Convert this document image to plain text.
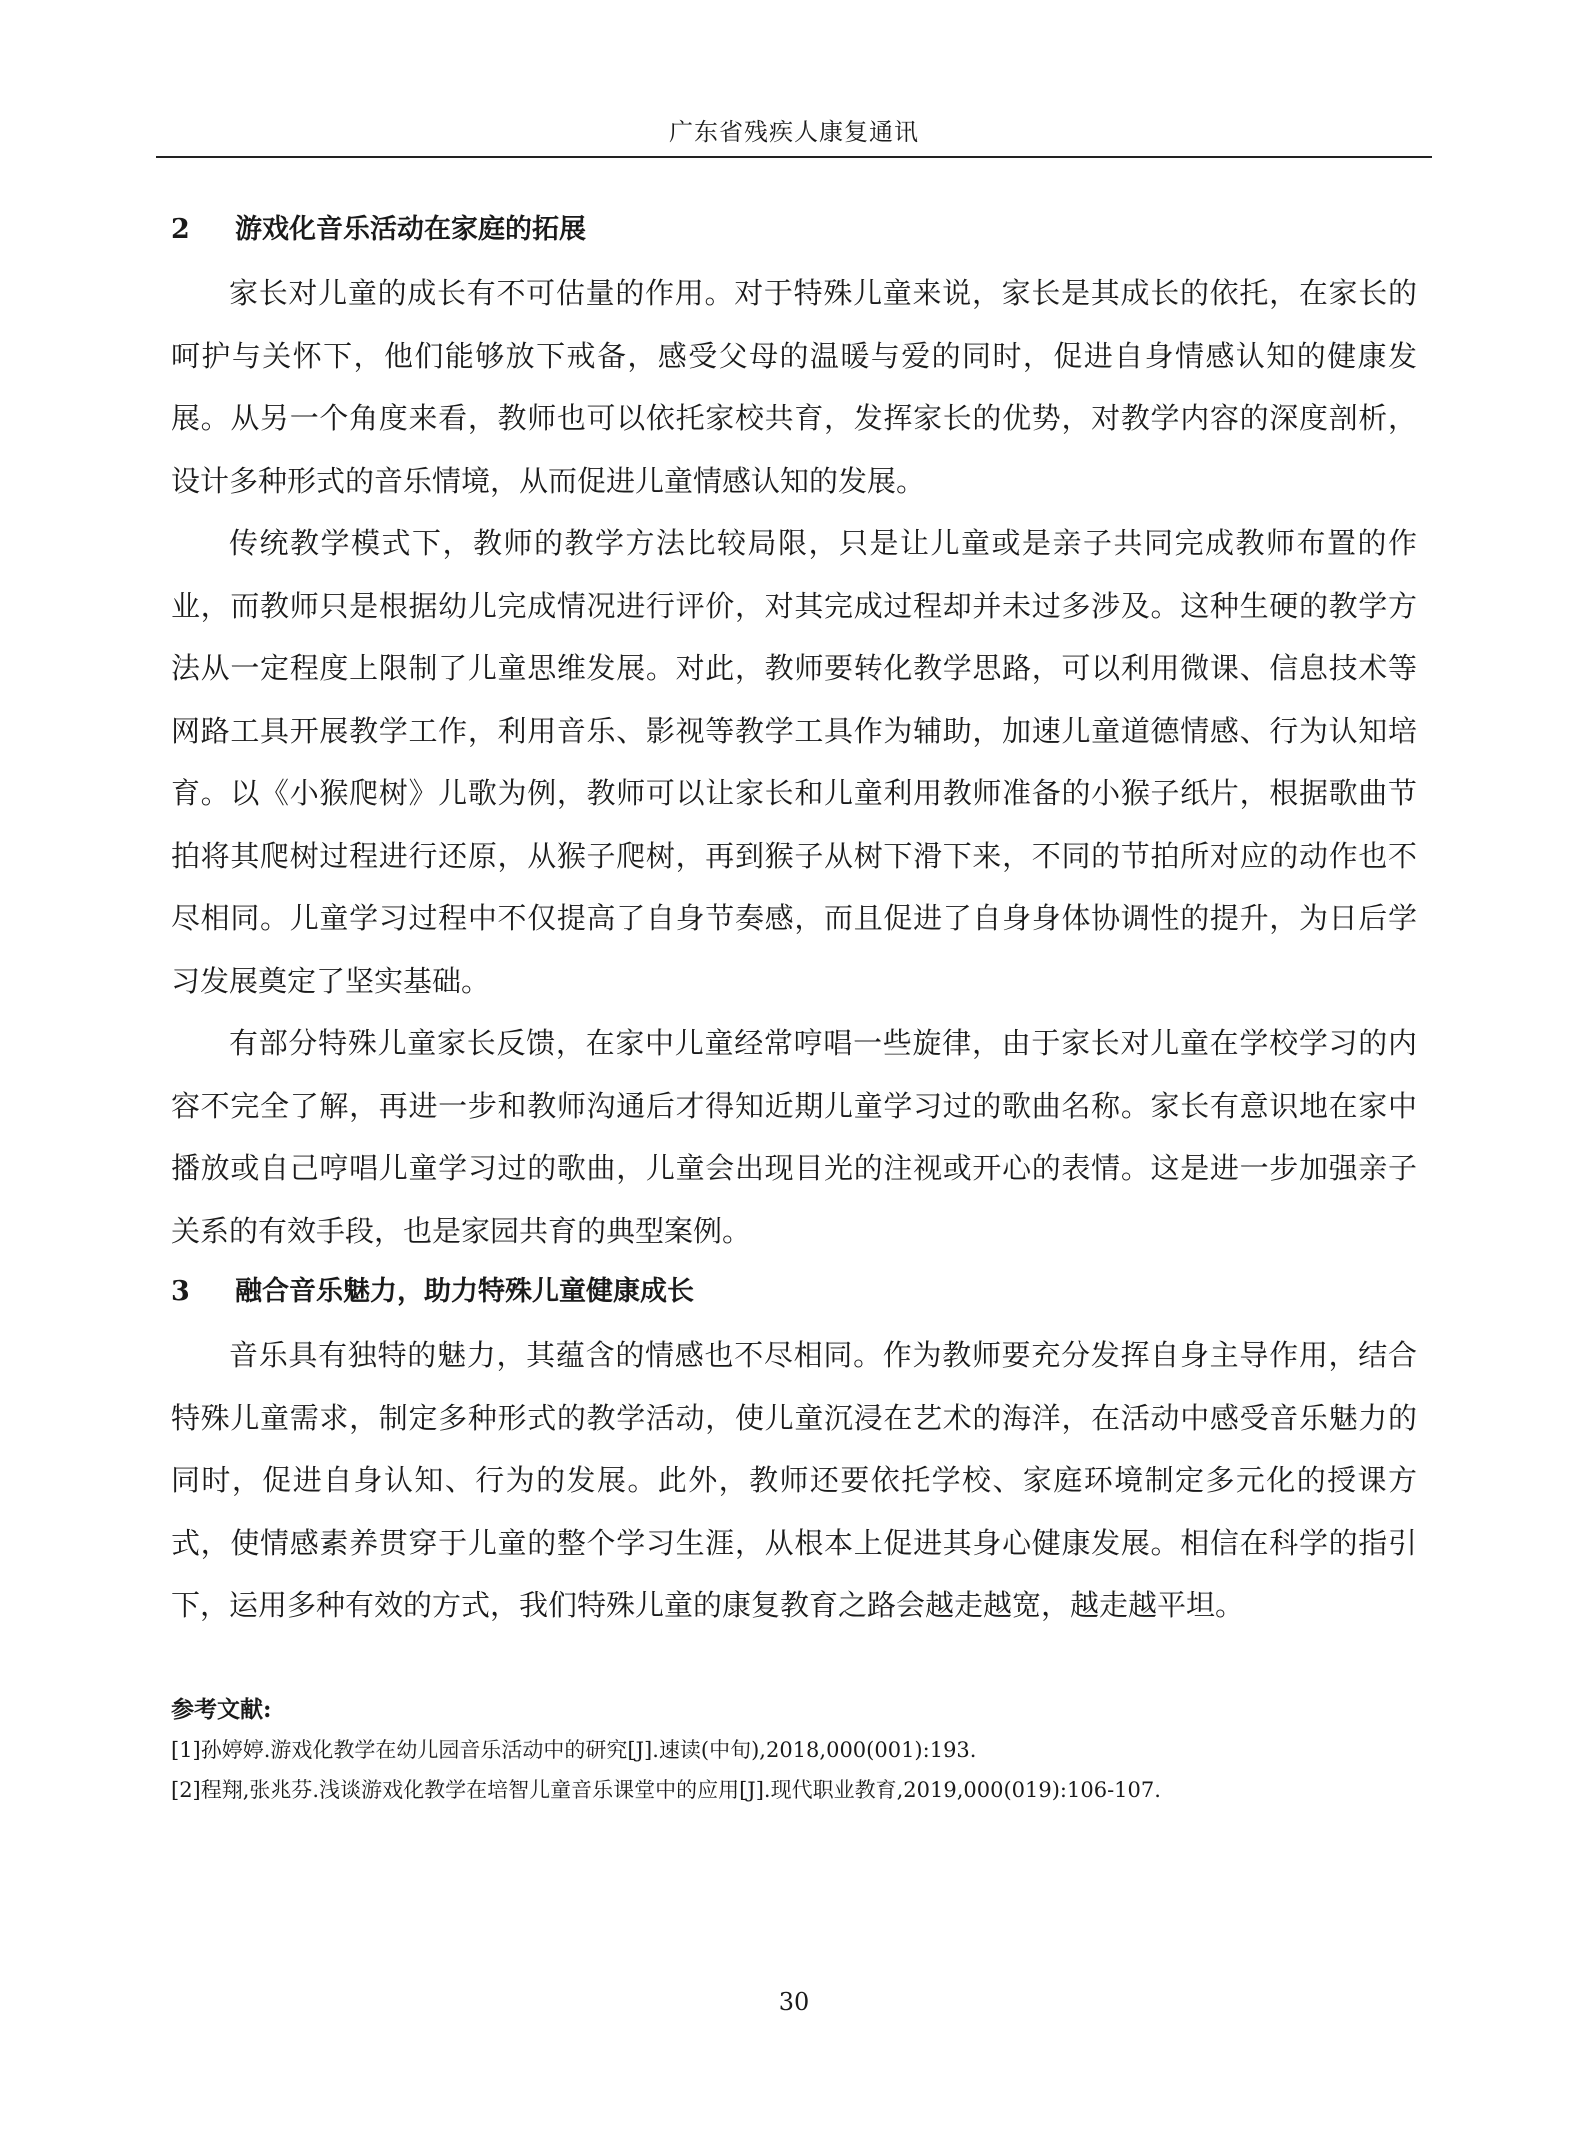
广东省残疾人康复通讯
2 游戏化音乐活动在家庭的拓展

家长对儿童的成长有不可估量的作用。对于特殊儿童来说，家长是其成长的依托，在家长的呵护与关怀下，他们能够放下戒备，感受父母的温暖与爱的同时，促进自身情感认知的健康发展。从另一个角度来看，教师也可以依托家校共育，发挥家长的优势，对教学内容的深度剖析，设计多种形式的音乐情境，从而促进儿童情感认知的发展。

传统教学模式下，教师的教学方法比较局限，只是让儿童或是亲子共同完成教师布置的作业，而教师只是根据幼儿完成情况进行评价，对其完成过程却并未过多涉及。这种生硬的教学方法从一定程度上限制了儿童思维发展。对此，教师要转化教学思路，可以利用微课、信息技术等网路工具开展教学工作，利用音乐、影视等教学工具作为辅助，加速儿童道德情感、行为认知培育。以《小猴爬树》儿歌为例，教师可以让家长和儿童利用教师准备的小猴子纸片，根据歌曲节拍将其爬树过程进行还原，从猴子爬树，再到猴子从树下滑下来，不同的节拍所对应的动作也不尽相同。儿童学习过程中不仅提高了自身节奏感，而且促进了自身身体协调性的提升，为日后学习发展奠定了坚实基础。

有部分特殊儿童家长反馈，在家中儿童经常哼唱一些旋律，由于家长对儿童在学校学习的内容不完全了解，再进一步和教师沟通后才得知近期儿童学习过的歌曲名称。家长有意识地在家中播放或自己哼唱儿童学习过的歌曲，儿童会出现目光的注视或开心的表情。这是进一步加强亲子关系的有效手段，也是家园共育的典型案例。

3 融合音乐魅力，助力特殊儿童健康成长

音乐具有独特的魅力，其蕴含的情感也不尽相同。作为教师要充分发挥自身主导作用，结合特殊儿童需求，制定多种形式的教学活动，使儿童沉浸在艺术的海洋，在活动中感受音乐魅力的同时，促进自身认知、行为的发展。此外，教师还要依托学校、家庭环境制定多元化的授课方式，使情感素养贯穿于儿童的整个学习生涯，从根本上促进其身心健康发展。相信在科学的指引下，运用多种有效的方式，我们特殊儿童的康复教育之路会越走越宽，越走越平坦。

参考文献:

[1]孙婷婷.游戏化教学在幼儿园音乐活动中的研究[J].速读(中旬),2018,000(001):193.

[2]程翔,张兆芬.浅谈游戏化教学在培智儿童音乐课堂中的应用[J].现代职业教育,2019,000(019):106-107.

30
